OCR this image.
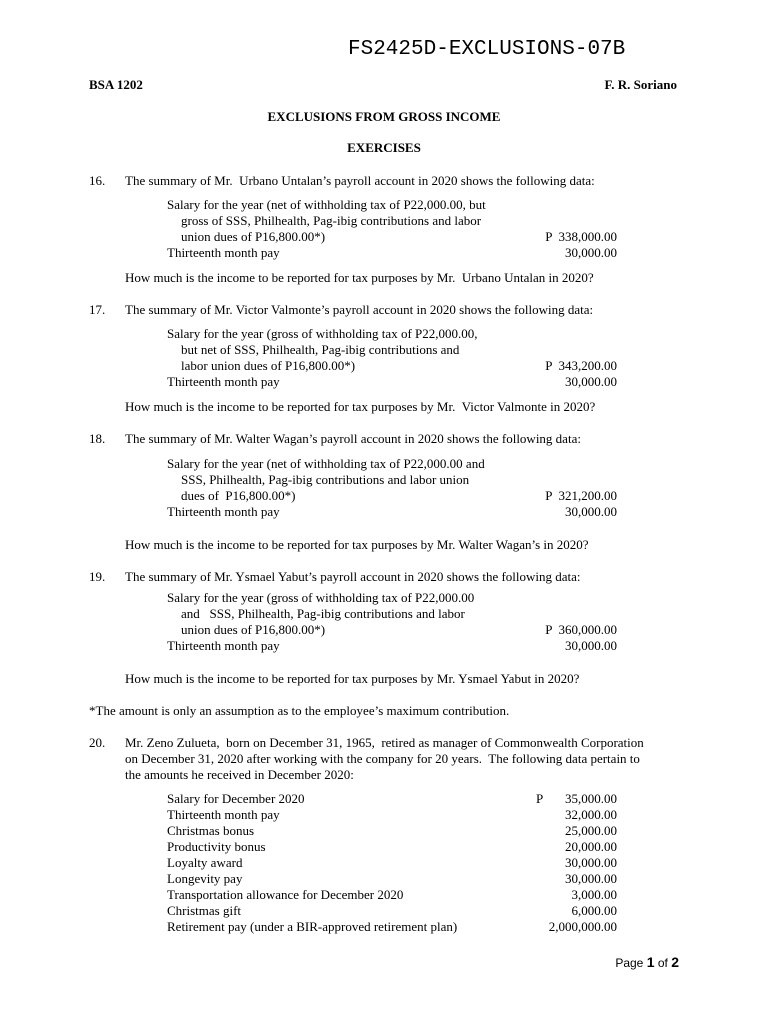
FS2425D-EXCLUSIONS-07B
BSA 1202	F. R. Soriano
EXCLUSIONS FROM GROSS INCOME
EXERCISES
16. The summary of Mr.  Urbano Untalan’s payroll account in 2020 shows the following data:
Salary for the year (net of withholding tax of P22,000.00, but
gross of SSS, Philhealth, Pag-ibig contributions and labor
union dues of P16,800.00*)	P  338,000.00
Thirteenth month pay	30,000.00
How much is the income to be reported for tax purposes by Mr.  Urbano Untalan in 2020?
17. The summary of Mr. Victor Valmonte’s payroll account in 2020 shows the following data:
Salary for the year (gross of withholding tax of P22,000.00,
but net of SSS, Philhealth, Pag-ibig contributions and
labor union dues of P16,800.00*)	P  343,200.00
Thirteenth month pay	30,000.00
How much is the income to be reported for tax purposes by Mr.  Victor Valmonte in 2020?
18. The summary of Mr. Walter Wagan’s payroll account in 2020 shows the following data:
Salary for the year (net of withholding tax of P22,000.00 and
SSS, Philhealth, Pag-ibig contributions and labor union
dues of  P16,800.00*)	P  321,200.00
Thirteenth month pay	30,000.00
How much is the income to be reported for tax purposes by Mr. Walter Wagan’s in 2020?
19. The summary of Mr. Ysmael Yabut’s payroll account in 2020 shows the following data:
Salary for the year (gross of withholding tax of P22,000.00
and   SSS, Philhealth, Pag-ibig contributions and labor
union dues of P16,800.00*)	P  360,000.00
Thirteenth month pay	30,000.00
How much is the income to be reported for tax purposes by Mr. Ysmael Yabut in 2020?
*The amount is only an assumption as to the employee’s maximum contribution.
20. Mr. Zeno Zulueta,  born on December 31, 1965,  retired as manager of Commonwealth Corporation
on December 31, 2020 after working with the company for 20 years.  The following data pertain to
the amounts he received in December 2020:
P
Salary for December 2020	35,000.00
Thirteenth month pay	32,000.00
Christmas bonus	25,000.00
Productivity bonus	20,000.00
Loyalty award	30,000.00
Longevity pay	30,000.00
Transportation allowance for December 2020	3,000.00
Christmas gift	6,000.00
Retirement pay (under a BIR-approved retirement plan)	2,000,000.00
Page 1 of 2
